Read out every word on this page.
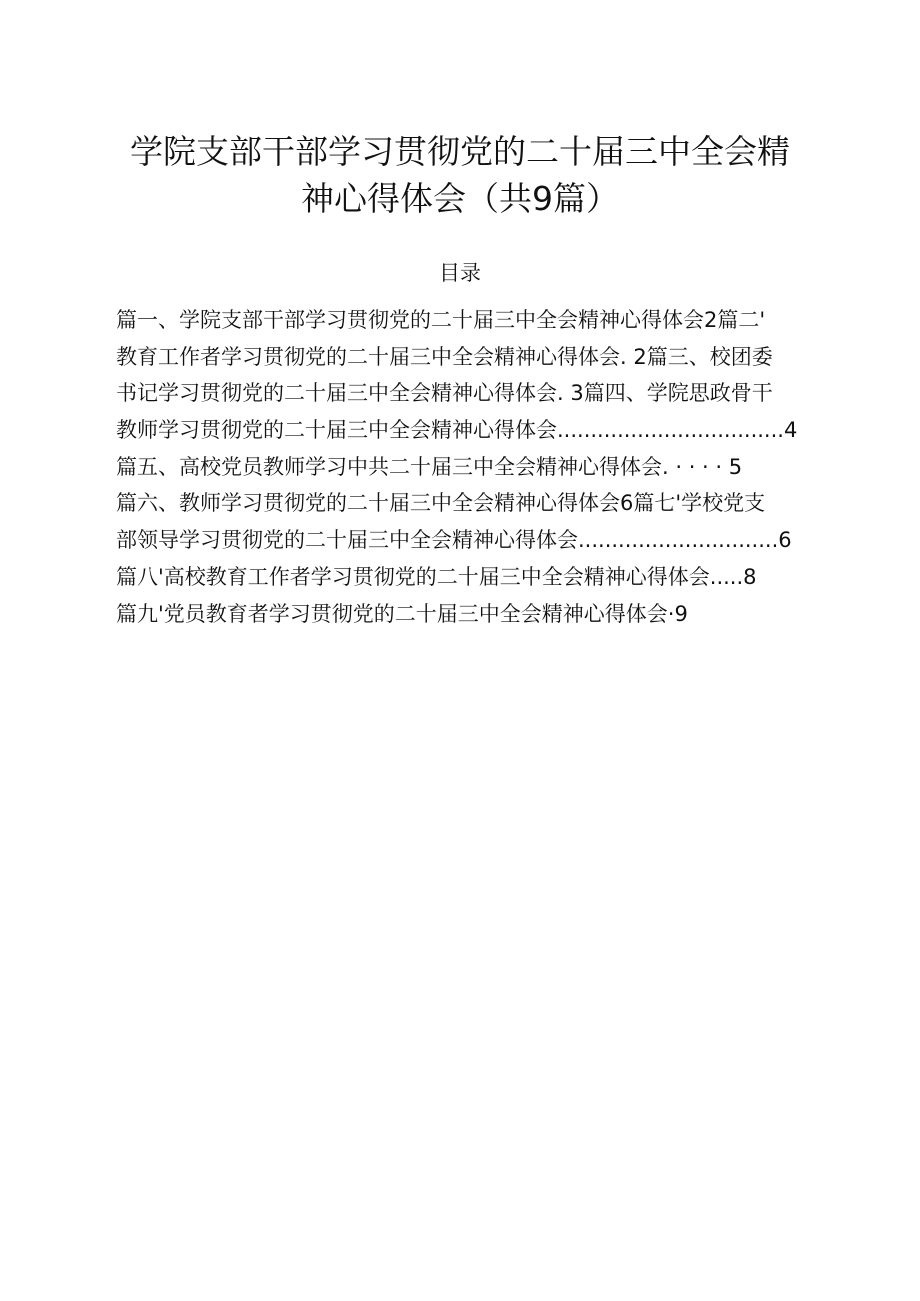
学院支部干部学习贯彻党的二十届三中全会精
神心得体会（共9篇）
目录
篇一、学院支部干部学习贯彻党的二十届三中全会精神心得体会2篇二'
教育工作者学习贯彻党的二十届三中全会精神心得体会. 2篇三、校团委
书记学习贯彻党的二十届三中全会精神心得体会. 3篇四、学院思政骨干
教师学习贯彻党的二十届三中全会精神心得体会..................................4
篇五、高校党员教师学习中共二十届三中全会精神心得体会. · · · · 5
篇六、教师学习贯彻党的二十届三中全会精神心得体会6篇七'学校党支
部领导学习贯彻党的二十届三中全会精神心得体会..............................6
篇八'高校教育工作者学习贯彻党的二十届三中全会精神心得体会.....8
篇九'党员教育者学习贯彻党的二十届三中全会精神心得体会·9
